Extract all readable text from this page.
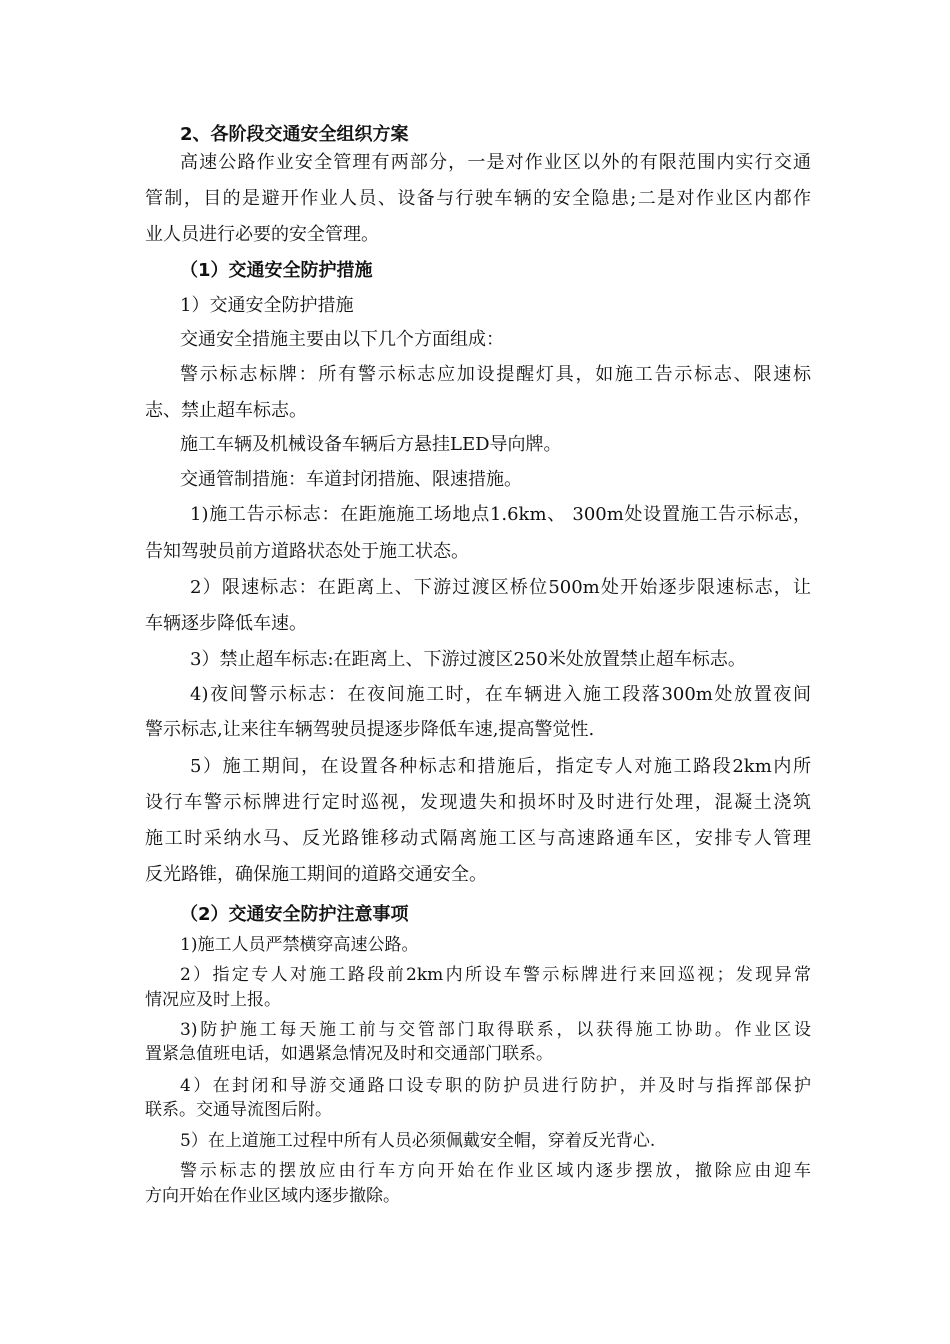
2、各阶段交通安全组织方案
高速公路作业安全管理有两部分，一是对作业区以外的有限范围内实行交通
管制，目的是避开作业人员、设备与行驶车辆的安全隐患;二是对作业区内都作
业人员进行必要的安全管理。
（1）交通安全防护措施
1）交通安全防护措施
交通安全措施主要由以下几个方面组成：
警示标志标牌：所有警示标志应加设提醒灯具，如施工告示标志、限速标
志、禁止超车标志。
施工车辆及机械设备车辆后方悬挂LED导向牌。
交通管制措施：车道封闭措施、限速措施。
1)施工告示标志：在距施施工场地点1.6km、 300m处设置施工告示标志，
告知驾驶员前方道路状态处于施工状态。
2）限速标志：在距离上、下游过渡区桥位500m处开始逐步限速标志，让
车辆逐步降低车速。
3）禁止超车标志:在距离上、下游过渡区250米处放置禁止超车标志。
4)夜间警示标志：在夜间施工时，在车辆进入施工段落300m处放置夜间
警示标志,让来往车辆驾驶员提逐步降低车速,提高警觉性.
5）施工期间，在设置各种标志和措施后，指定专人对施工路段2km内所
设行车警示标牌进行定时巡视，发现遗失和损坏时及时进行处理，混凝土浇筑
施工时采纳水马、反光路锥移动式隔离施工区与高速路通车区，安排专人管理
反光路锥，确保施工期间的道路交通安全。
（2）交通安全防护注意事项
1)施工人员严禁横穿高速公路。
2）指定专人对施工路段前2km内所设车警示标牌进行来回巡视；发现异常
情况应及时上报。
3)防护施工每天施工前与交管部门取得联系，以获得施工协助。作业区设
置紧急值班电话，如遇紧急情况及时和交通部门联系。
4）在封闭和导游交通路口设专职的防护员进行防护，并及时与指挥部保护
联系。交通导流图后附。
5）在上道施工过程中所有人员必须佩戴安全帽，穿着反光背心.
警示标志的摆放应由行车方向开始在作业区域内逐步摆放，撤除应由迎车
方向开始在作业区域内逐步撤除。
